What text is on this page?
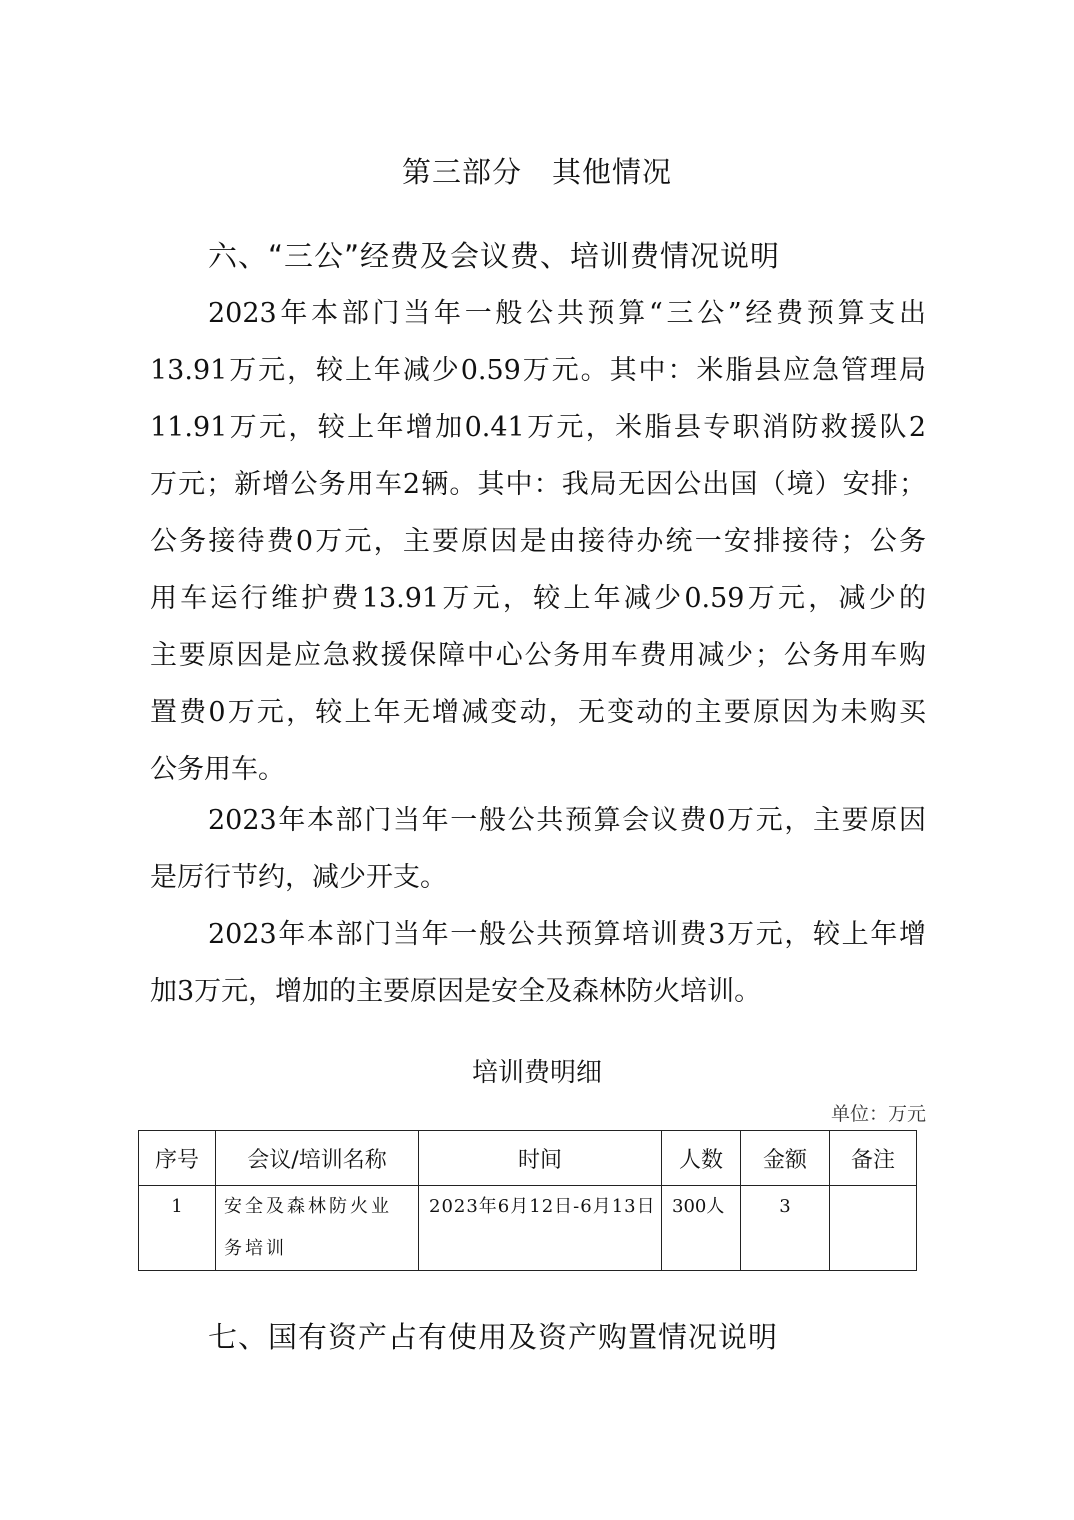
第三部分　其他情况
六、“三公”经费及会议费、培训费情况说明
2023年本部门当年一般公共预算“三公”经费预算支出
13.91万元，较上年减少0.59万元。其中：米脂县应急管理局
11.91万元，较上年增加0.41万元，米脂县专职消防救援队2
万元；新增公务用车2辆。其中：我局无因公出国（境）安排；
公务接待费0万元，主要原因是由接待办统一安排接待；公务
用车运行维护费13.91万元，较上年减少0.59万元，减少的
主要原因是应急救援保障中心公务用车费用减少；公务用车购
置费0万元，较上年无增减变动，无变动的主要原因为未购买
公务用车。
2023年本部门当年一般公共预算会议费0万元，主要原因
是厉行节约，减少开支。
2023年本部门当年一般公共预算培训费3万元，较上年增
加3万元，增加的主要原因是安全及森林防火培训。
培训费明细
单位：万元
序号	会议/培训名称	时间	人数	金额	备注
1	安全及森林防火业务培训	2023年6月12日-6月13日	300人	3	
七、国有资产占有使用及资产购置情况说明
